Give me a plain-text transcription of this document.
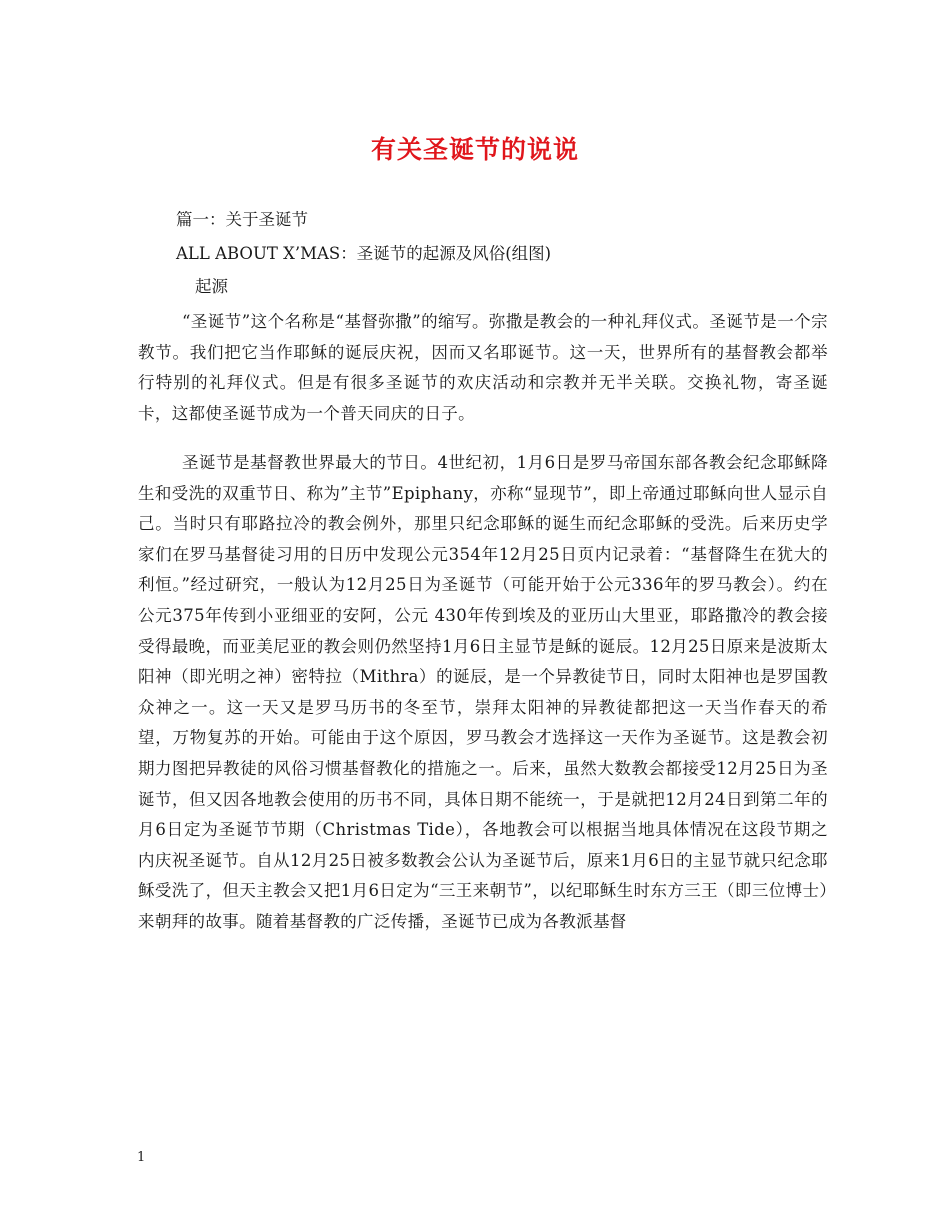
有关圣诞节的说说

篇一：关于圣诞节

ALL ABOUT X’MAS：圣诞节的起源及风俗(组图)

起源

“圣诞节”这个名称是“基督弥撒”的缩写。弥撒是教会的一种礼拜仪式。圣诞节是一个宗教节。我们把它当作耶稣的诞辰庆祝，因而又名耶诞节。这一天，世界所有的基督教会都举行特别的礼拜仪式。但是有很多圣诞节的欢庆活动和宗教并无半关联。交换礼物，寄圣诞卡，这都使圣诞节成为一个普天同庆的日子。

圣诞节是基督教世界最大的节日。4世纪初，1月6日是罗马帝国东部各教会纪念耶稣降生和受洗的双重节日、称为”主节”Epiphany，亦称“显现节”，即上帝通过耶稣向世人显示自己。当时只有耶路拉冷的教会例外，那里只纪念耶稣的诞生而纪念耶稣的受洗。后来历史学家们在罗马基督徒习用的日历中发现公元354年12月25日页内记录着：“基督降生在犹大的利恒。”经过研究，一般认为12月25日为圣诞节（可能开始于公元336年的罗马教会）。约在公元375年传到小亚细亚的安阿，公元 430年传到埃及的亚历山大里亚，耶路撒冷的教会接受得最晚，而亚美尼亚的教会则仍然坚持1月6日主显节是稣的诞辰。12月25日原来是波斯太阳神（即光明之神）密特拉（Mithra）的诞辰，是一个异教徒节日，同时太阳神也是罗国教众神之一。这一天又是罗马历书的冬至节，崇拜太阳神的异教徒都把这一天当作春天的希望，万物复苏的开始。可能由于这个原因，罗马教会才选择这一天作为圣诞节。这是教会初期力图把异教徒的风俗习惯基督教化的措施之一。后来，虽然大数教会都接受12月25日为圣诞节，但又因各地教会使用的历书不同，具体日期不能统一，于是就把12月24日到第二年的月6日定为圣诞节节期（Christmas Tide），各地教会可以根据当地具体情况在这段节期之内庆祝圣诞节。自从12月25日被多数教会公认为圣诞节后，原来1月6日的主显节就只纪念耶稣受洗了，但天主教会又把1月6日定为“三王来朝节”，以纪耶稣生时东方三王（即三位博士）来朝拜的故事。随着基督教的广泛传播，圣诞节已成为各教派基督

1
